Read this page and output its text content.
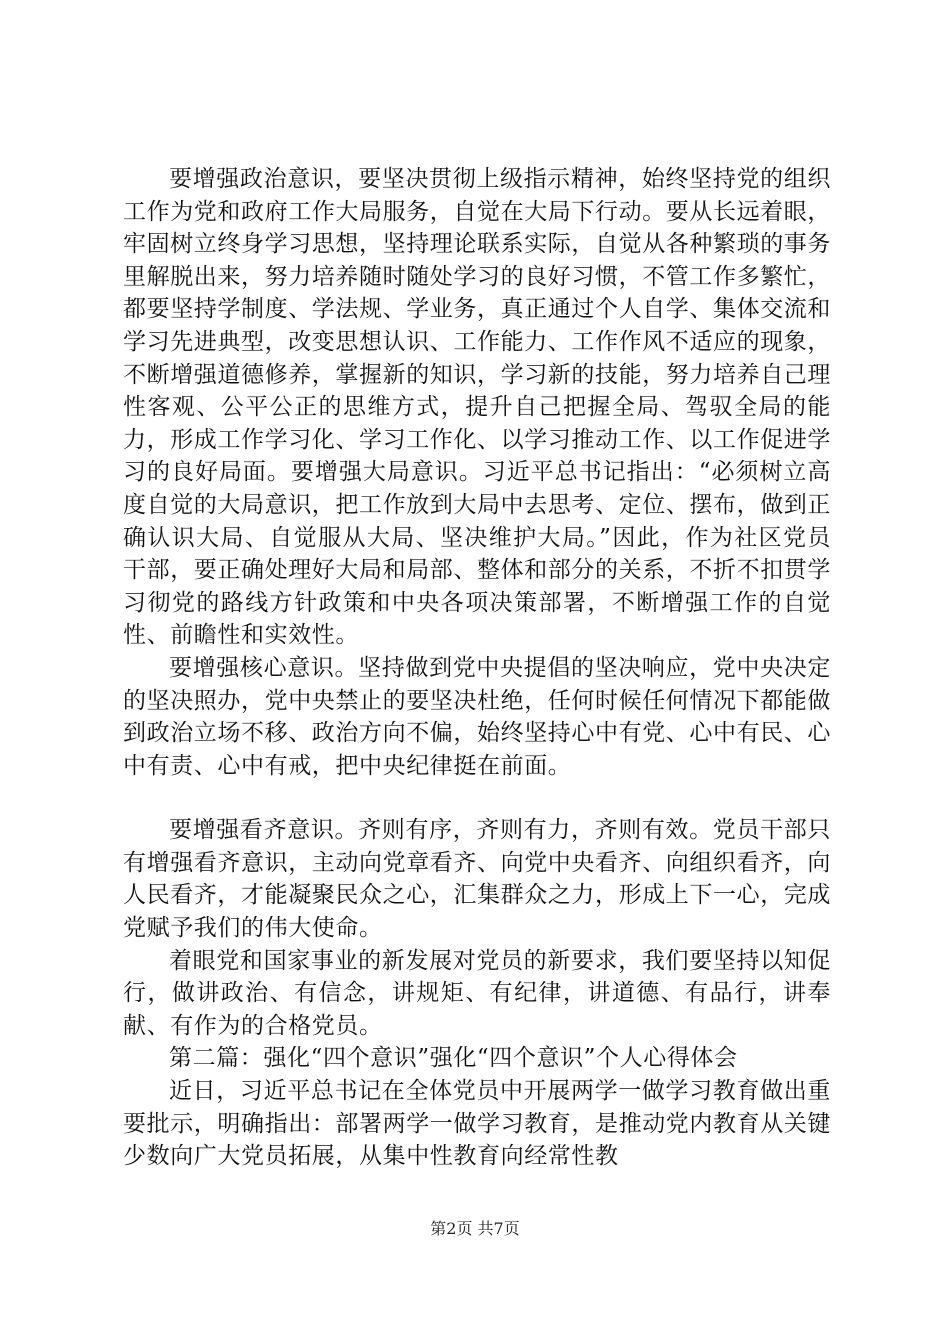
要增强政治意识，要坚决贯彻上级指示精神，始终坚持党的组织工作为党和政府工作大局服务，自觉在大局下行动。要从长远着眼，牢固树立终身学习思想，坚持理论联系实际，自觉从各种繁琐的事务里解脱出来，努力培养随时随处学习的良好习惯，不管工作多繁忙，都要坚持学制度、学法规、学业务，真正通过个人自学、集体交流和学习先进典型，改变思想认识、工作能力、工作作风不适应的现象，不断增强道德修养，掌握新的知识，学习新的技能，努力培养自己理性客观、公平公正的思维方式，提升自己把握全局、驾驭全局的能力，形成工作学习化、学习工作化、以学习推动工作、以工作促进学习的良好局面。要增强大局意识。习近平总书记指出：“必须树立高度自觉的大局意识，把工作放到大局中去思考、定位、摆布，做到正确认识大局、自觉服从大局、坚决维护大局。”因此，作为社区党员干部，要正确处理好大局和局部、整体和部分的关系，不折不扣贯学习彻党的路线方针政策和中央各项决策部署，不断增强工作的自觉性、前瞻性和实效性。

要增强核心意识。坚持做到党中央提倡的坚决响应，党中央决定的坚决照办，党中央禁止的要坚决杜绝，任何时候任何情况下都能做到政治立场不移、政治方向不偏，始终坚持心中有党、心中有民、心中有责、心中有戒，把中央纪律挺在前面。

要增强看齐意识。齐则有序，齐则有力，齐则有效。党员干部只有增强看齐意识，主动向党章看齐、向党中央看齐、向组织看齐，向人民看齐，才能凝聚民众之心，汇集群众之力，形成上下一心，完成党赋予我们的伟大使命。

着眼党和国家事业的新发展对党员的新要求，我们要坚持以知促行，做讲政治、有信念，讲规矩、有纪律，讲道德、有品行，讲奉献、有作为的合格党员。

第二篇：强化“四个意识”强化“四个意识”个人心得体会

近日，习近平总书记在全体党员中开展两学一做学习教育做出重要批示，明确指出：部署两学一做学习教育，是推动党内教育从关键少数向广大党员拓展，从集中性教育向经常性教

第2页 共7页
